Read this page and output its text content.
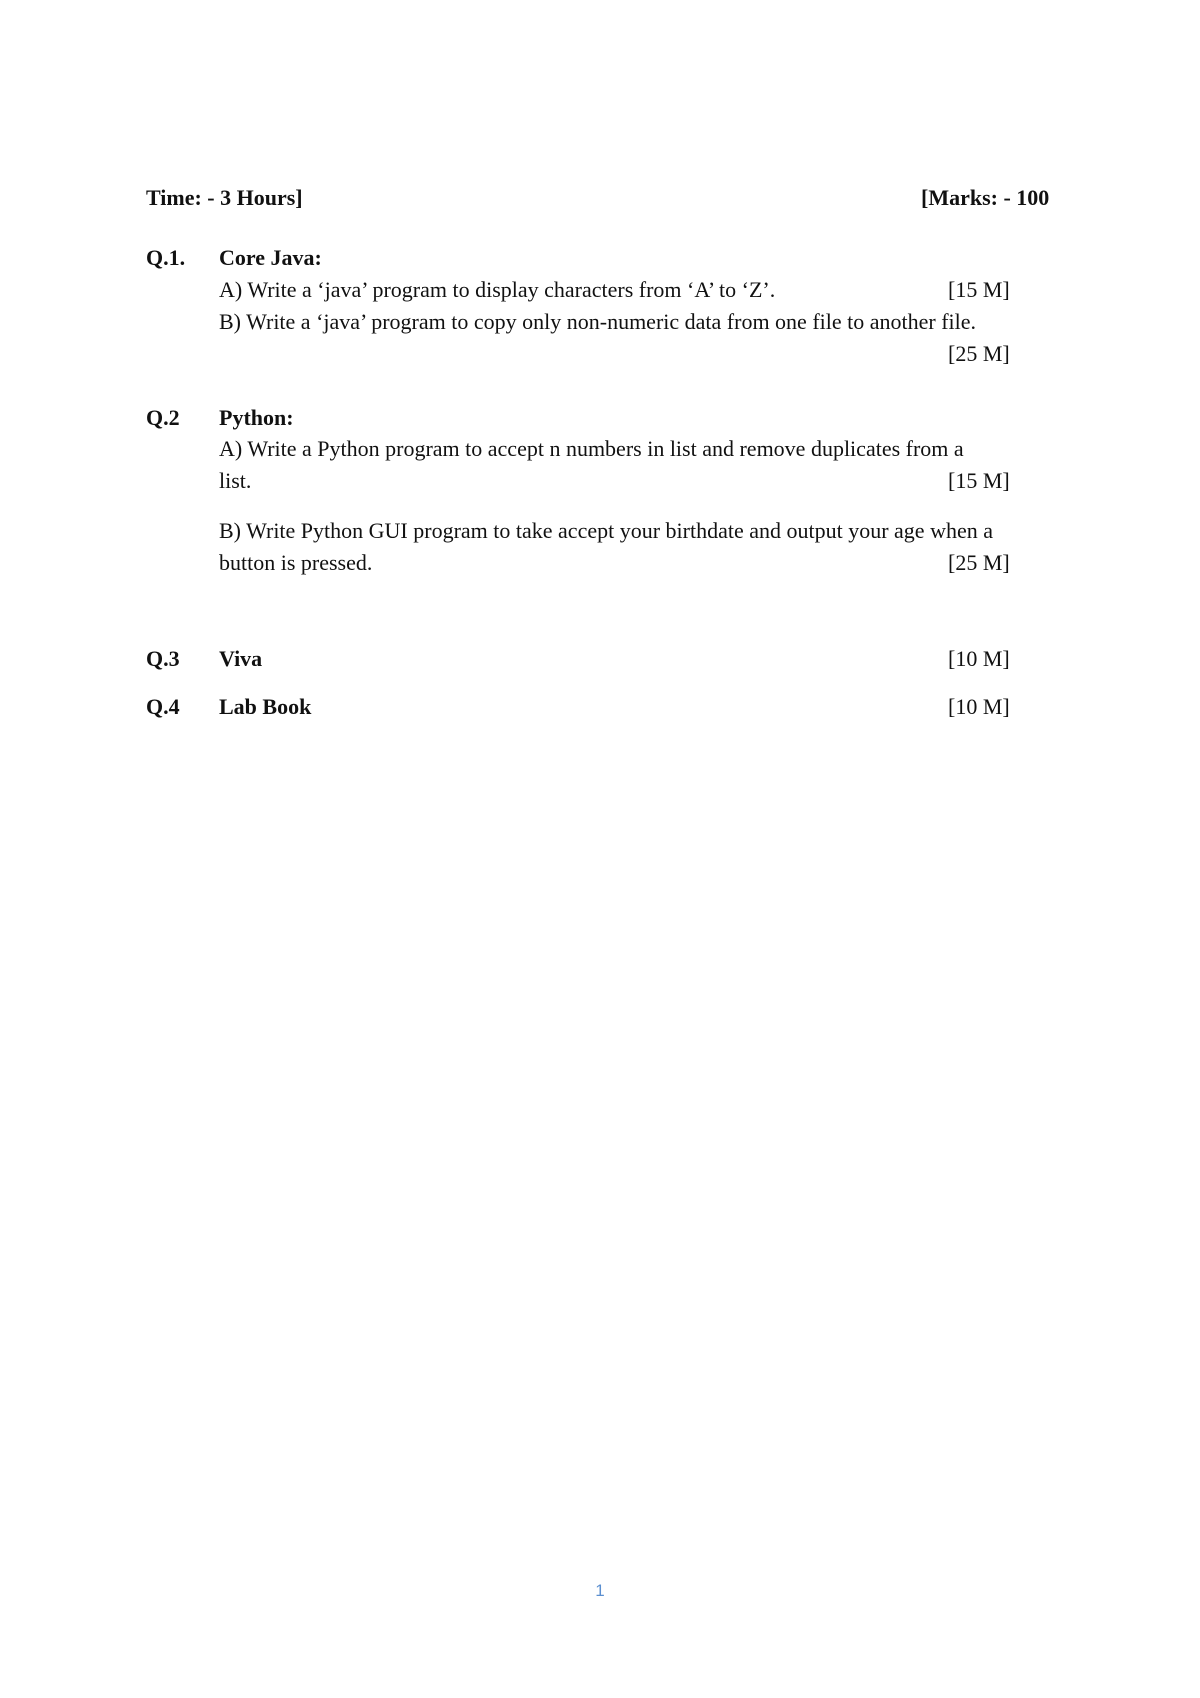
Time: - 3 Hours]	[Marks: - 100
Q.1. Core Java:
A) Write a ‘java’ program to display characters from ‘A’ to ‘Z’.	[15 M]
B) Write a ‘java’ program to copy only non-numeric data from one file to another file.
[25 M]
Q.2 Python:
A) Write a Python program to accept n numbers in list and remove duplicates from a
list.	[15 M]
B) Write Python GUI program to take accept your birthdate and output your age when a
button is pressed.	[25 M]
Q.3 Viva	[10 M]
Q.4 Lab Book	[10 M]
1
